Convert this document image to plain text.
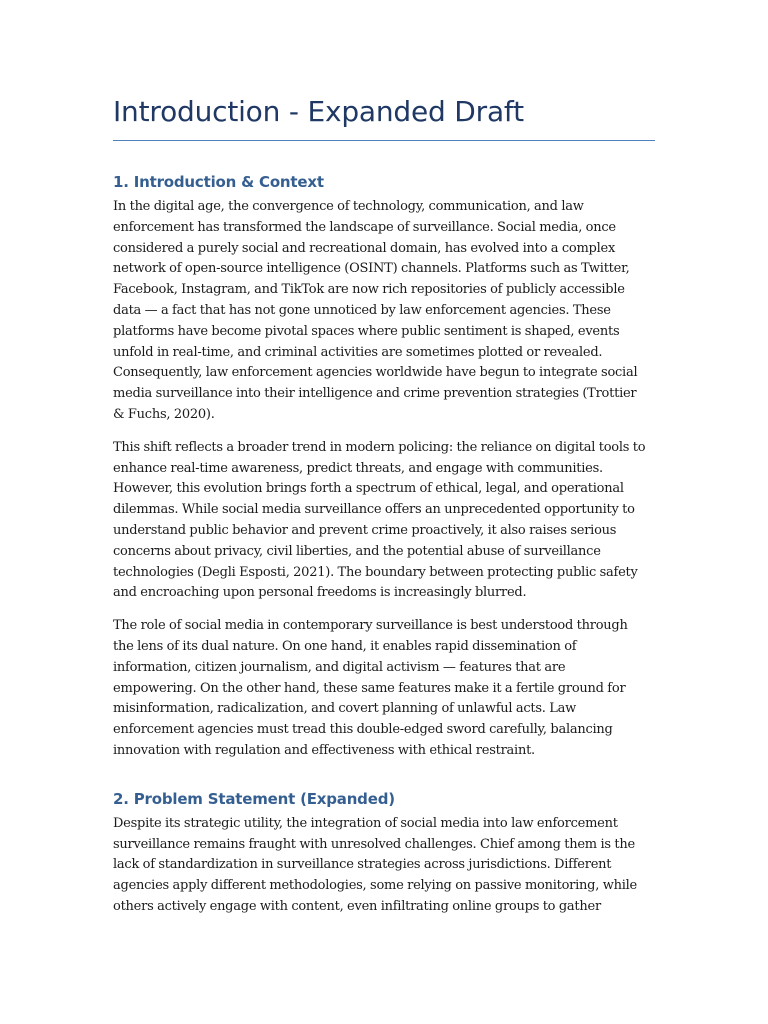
Introduction - Expanded Draft
1. Introduction & Context

In the digital age, the convergence of technology, communication, and law
enforcement has transformed the landscape of surveillance. Social media, once
considered a purely social and recreational domain, has evolved into a complex
network of open-source intelligence (OSINT) channels. Platforms such as Twitter,
Facebook, Instagram, and TikTok are now rich repositories of publicly accessible
data — a fact that has not gone unnoticed by law enforcement agencies. These
platforms have become pivotal spaces where public sentiment is shaped, events
unfold in real-time, and criminal activities are sometimes plotted or revealed.
Consequently, law enforcement agencies worldwide have begun to integrate social
media surveillance into their intelligence and crime prevention strategies (Trottier
& Fuchs, 2020).

This shift reflects a broader trend in modern policing: the reliance on digital tools to
enhance real-time awareness, predict threats, and engage with communities.
However, this evolution brings forth a spectrum of ethical, legal, and operational
dilemmas. While social media surveillance offers an unprecedented opportunity to
understand public behavior and prevent crime proactively, it also raises serious
concerns about privacy, civil liberties, and the potential abuse of surveillance
technologies (Degli Esposti, 2021). The boundary between protecting public safety
and encroaching upon personal freedoms is increasingly blurred.

The role of social media in contemporary surveillance is best understood through
the lens of its dual nature. On one hand, it enables rapid dissemination of
information, citizen journalism, and digital activism — features that are
empowering. On the other hand, these same features make it a fertile ground for
misinformation, radicalization, and covert planning of unlawful acts. Law
enforcement agencies must tread this double-edged sword carefully, balancing
innovation with regulation and effectiveness with ethical restraint.

2. Problem Statement (Expanded)

Despite its strategic utility, the integration of social media into law enforcement
surveillance remains fraught with unresolved challenges. Chief among them is the
lack of standardization in surveillance strategies across jurisdictions. Different
agencies apply different methodologies, some relying on passive monitoring, while
others actively engage with content, even infiltrating online groups to gather
